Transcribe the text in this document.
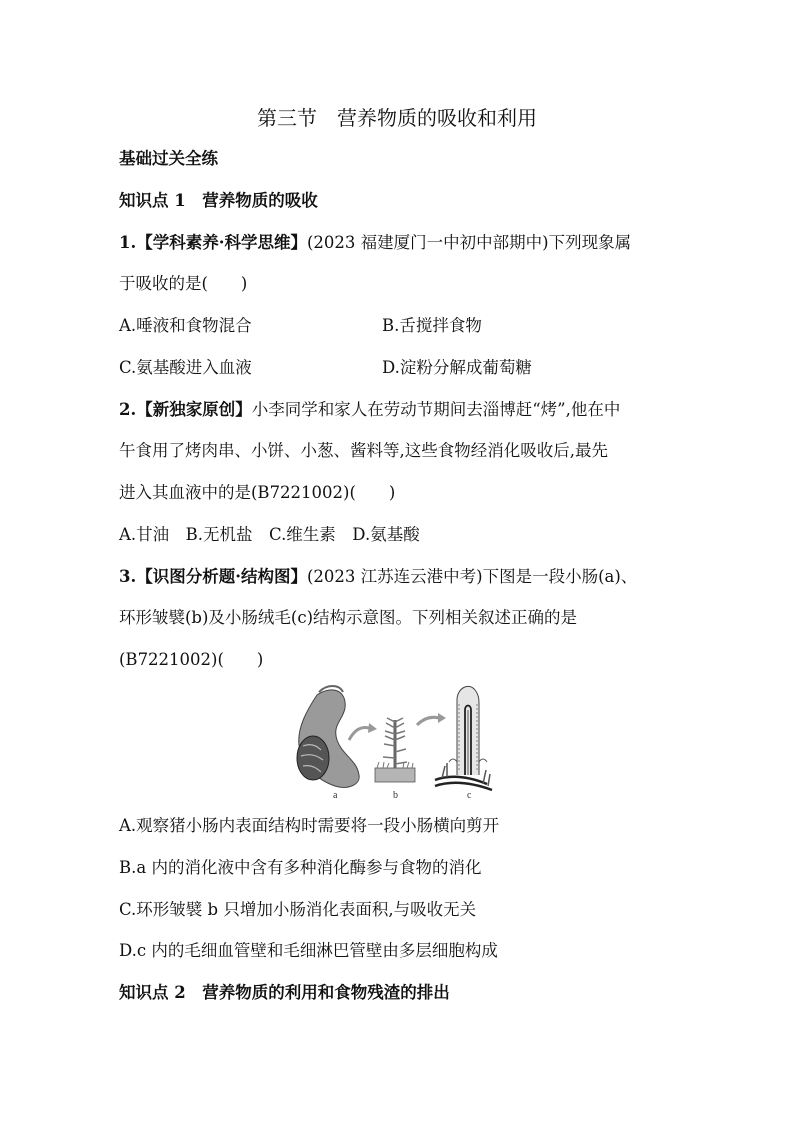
第三节　营养物质的吸收和利用
基础过关全练
知识点 1　营养物质的吸收
1.【学科素养·科学思维】(2023 福建厦门一中初中部期中)下列现象属
于吸收的是(　　)
A.唾液和食物混合	B.舌搅拌食物
C.氨基酸进入血液	D.淀粉分解成葡萄糖
2.【新独家原创】小李同学和家人在劳动节期间去淄博赶“烤”,他在中
午食用了烤肉串、小饼、小葱、酱料等,这些食物经消化吸收后,最先
进入其血液中的是(B7221002)(　　)
A.甘油　B.无机盐　C.维生素　D.氨基酸
3.【识图分析题·结构图】(2023 江苏连云港中考)下图是一段小肠(a)、
环形皱襞(b)及小肠绒毛(c)结构示意图。下列相关叙述正确的是
(B7221002)(　　)
a	b	c
A.观察猪小肠内表面结构时需要将一段小肠横向剪开
B.a 内的消化液中含有多种消化酶参与食物的消化
C.环形皱襞 b 只增加小肠消化表面积,与吸收无关
D.c 内的毛细血管壁和毛细淋巴管壁由多层细胞构成
知识点 2　营养物质的利用和食物残渣的排出
